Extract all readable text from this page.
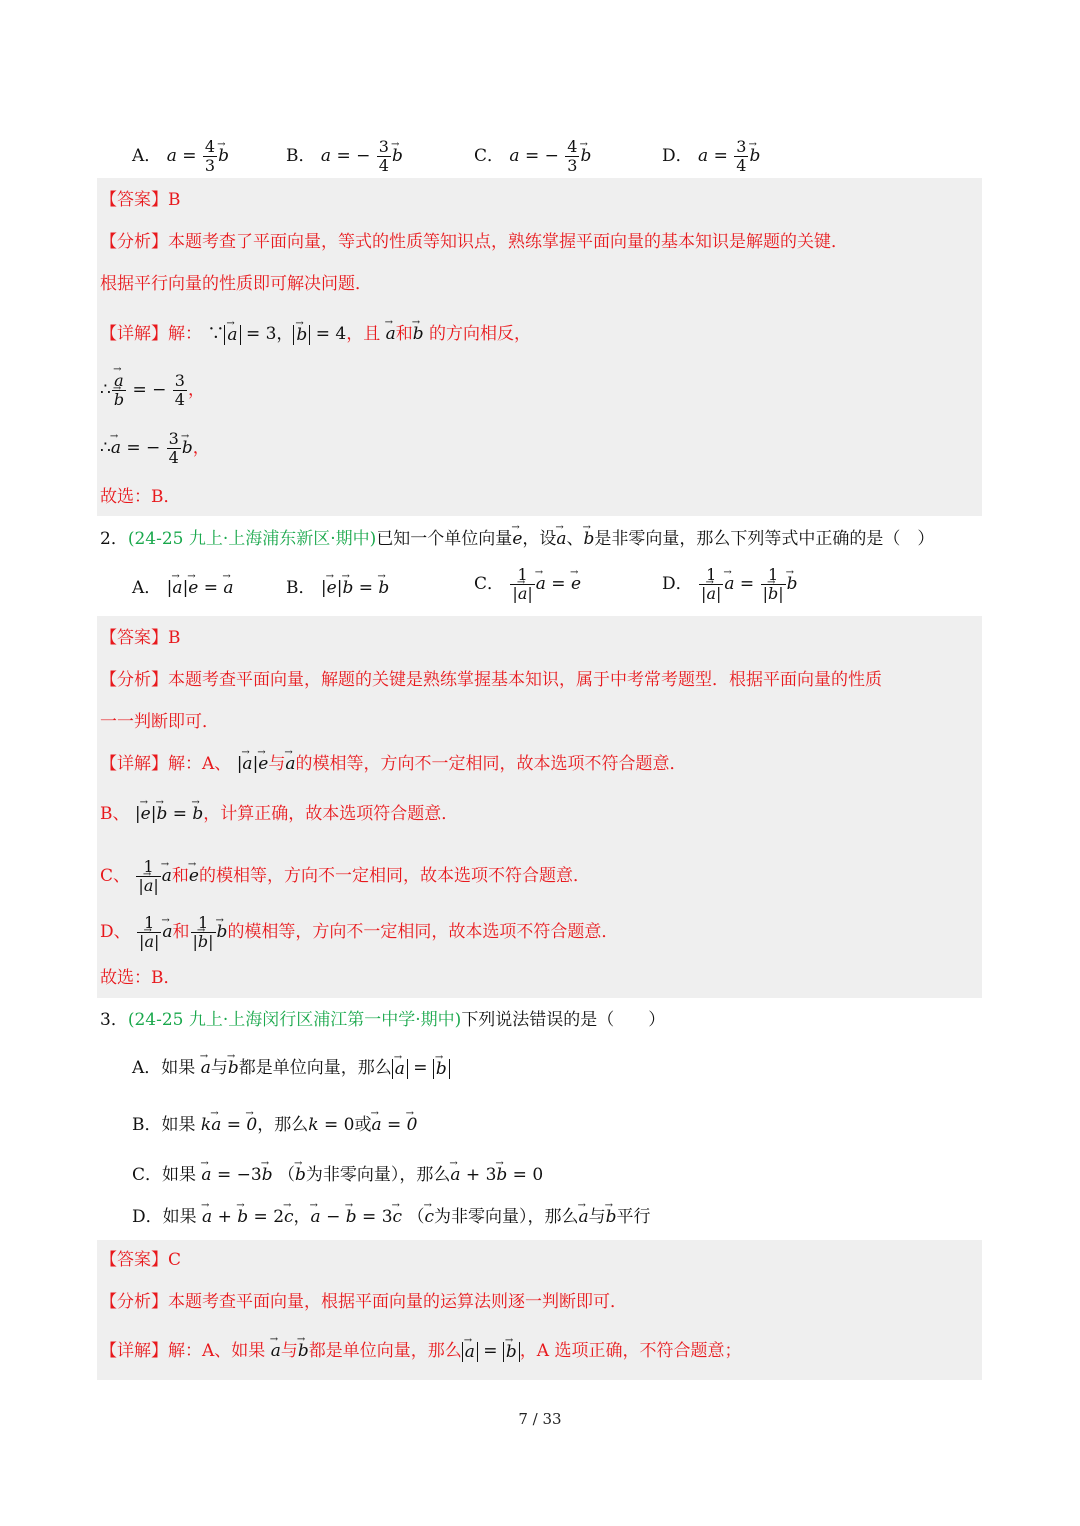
A． $a = \frac{4}{3}$
→ b	B． a = − $\frac{3}{4}$
→ b	C． a = − $\frac{4}{3}$
→ b	D． $a = \frac{3}{4}$
→ b
【答案】B
【分析】本题考查了平面向量，等式的性质等知识点，熟练掌握平面向量的基本知识是解题的关键．
根据平行向量的性质即可解决问题．
【详解】解： ∵→ a = 3，→ b = 4，且 → a和→ b 的方向相反，
∴
→ a
→ b = − $\frac{3}{4}$ ，
∴→ a = − $\frac{3}{4}$
→ b，
故选：B．
2．(24-25 九上·上海浦东新区·期中)已知一个单位向量→ e，设→ a、→ b是非零向量，那么下列等式中正确的是（　）
A． |→ a|→ e = → a	B． |→ e|→ b = → b	C． $\frac{1}{|\to a|}$
→ a = → e	D． $\frac{1}{|\to a|}$
→ $a = \frac{1}{|\to b|}$
→ b
【答案】B
【分析】本题考查平面向量，解题的关键是熟练掌握基本知识，属于中考常考题型．根据平面向量的性质
一一判断即可．
【详解】解：A、 |→ a|→ e与→ a的模相等，方向不一定相同，故本选项不符合题意．
B、 |→ e|→ b = → b，计算正确，故本选项符合题意．
C、 $\frac{1}{|\to a|}$
→ a和→ e的模相等，方向不一定相同，故本选项不符合题意．
D、 $\frac{1}{|\to a|}$
→ a和 $\frac{1}{|\to b|}$
→ b的模相等，方向不一定相同，故本选项不符合题意．
故选：B．
3．(24-25 九上·上海闵行区浦江第一中学·期中)下列说法错误的是（　　）
A．如果 → a与→ b都是单位向量，那么→ a = → b
B．如果 k→ a = → 0，那么k = 0或→ a = → 0
C．如果 → a = −3→ b （→ b为非零向量），那么→ a + 3→ b = 0
D．如果 → a + → b = 2→ c，→ a − → b = 3→ c （→ c为非零向量），那么→ a与→ b平行
【答案】C
【分析】本题考查平面向量，根据平面向量的运算法则逐一判断即可．
【详解】解：A、如果 → a与→ b都是单位向量，那么→ a = → b ，A 选项正确，不符合题意；
7 / 33
